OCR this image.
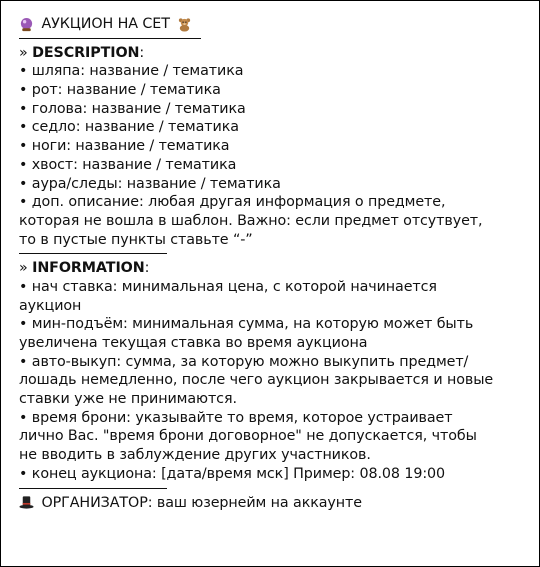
АУКЦИОН НА СЕТ
» DESCRIPTION:
• шляпа: название / тематика
• рот: название / тематика
• голова: название / тематика
• седло: название / тематика
• ноги: название / тематика
• хвост: название / тематика
• аура/следы: название / тематика
• доп. описание: любая другая информация о предмете,
которая не вошла в шаблон. Важно: если предмет отсутвует,
то в пустые пункты ставьте “-”
» INFORMATION:
• нач ставка: минимальная цена, с которой начинается
аукцион
• мин-подъём: минимальная сумма, на которую может быть
увеличена текущая ставка во время аукциона
• авто-выкуп: сумма, за которую можно выкупить предмет/
лошадь немедленно, после чего аукцион закрывается и новые
ставки уже не принимаются.
• время брони: указывайте то время, которое устраивает
лично Вас. "время брони договорное" не допускается, чтобы
не вводить в заблуждение других участников.
• конец аукциона: [дата/время мск] Пример: 08.08 19:00
ОРГАНИЗАТОР: ваш юзернейм на аккаунте
